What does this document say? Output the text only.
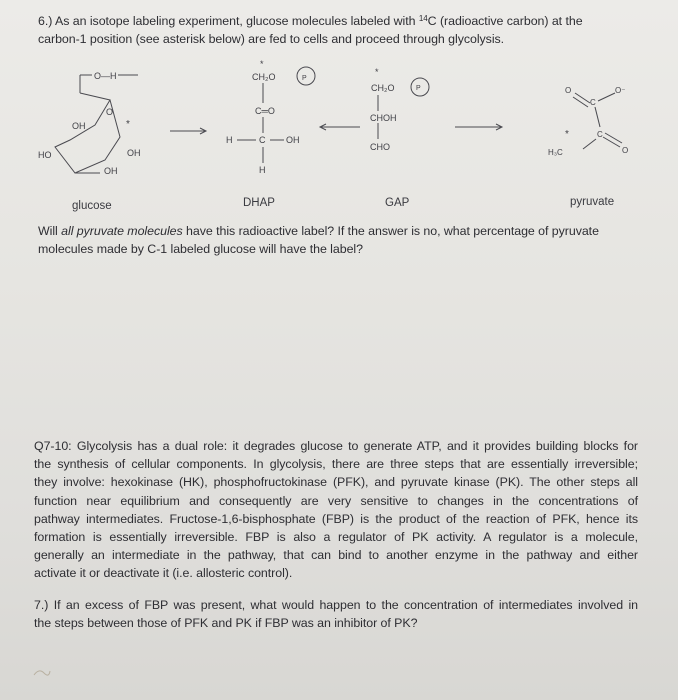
6.) As an isotope labeling experiment, glucose molecules labeled with $^{14}$C (radioactive carbon) at the
carbon-1 position (see asterisk below) are fed to cells and proceed through glycolysis.
O—H
O
OH	*
OH
HO
OH
*
CH₂O	P
C═O
H	C OH
H
*
CH₂O	P
CHOH
CHO
O
C
O⁻
C
O
*
H₃C
glucose	DHAP	GAP	pyruvate
Will all pyruvate molecules have this radioactive label? If the answer is no, what percentage of pyruvate
molecules made by C-1 labeled glucose will have the label?
Q7-10: Glycolysis has a dual role: it degrades glucose to generate ATP, and it provides building blocks for
the synthesis of cellular components. In glycolysis, there are three steps that are essentially irreversible;
they involve: hexokinase (HK), phosphofructokinase (PFK), and pyruvate kinase (PK). The other steps all
function near equilibrium and consequently are very sensitive to changes in the concentrations of
pathway intermediates. Fructose-1,6-bisphosphate (FBP) is the product of the reaction of PFK, hence its
formation is essentially irreversible. FBP is also a regulator of PK activity. A regulator is a molecule,
generally an intermediate in the pathway, that can bind to another enzyme in the pathway and either
activate it or deactivate it (i.e. allosteric control).
7.) If an excess of FBP was present, what would happen to the concentration of intermediates involved in
the steps between those of PFK and PK if FBP was an inhibitor of PK?
